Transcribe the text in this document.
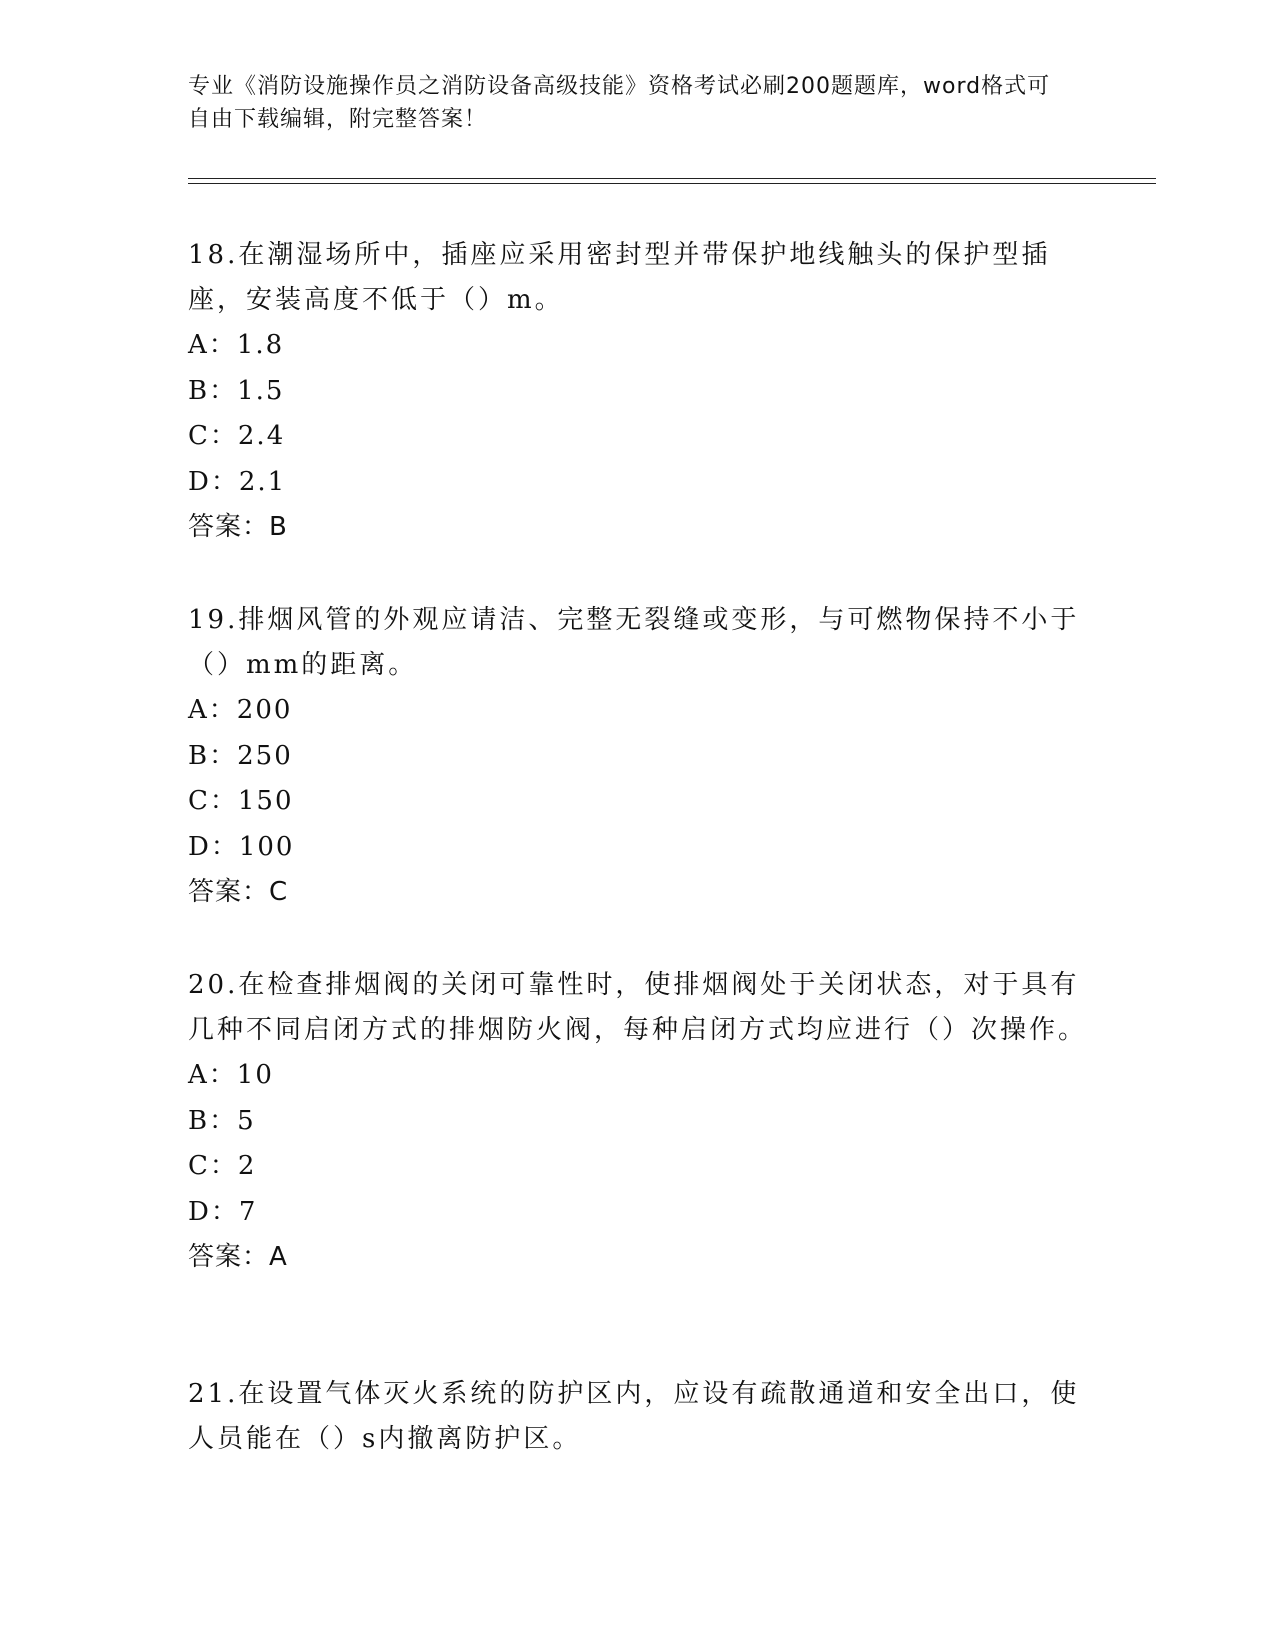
专业《消防设施操作员之消防设备高级技能》资格考试必刷200题题库，word格式可自由下载编辑，附完整答案！

18.在潮湿场所中，插座应采用密封型并带保护地线触头的保护型插座，安装高度不低于（）m。

A：1.8

B：1.5

C：2.4

D：2.1

答案：B

19.排烟风管的外观应请洁、完整无裂缝或变形，与可燃物保持不小于（）mm的距离。

A：200

B：250

C：150

D：100

答案：C

20.在检查排烟阀的关闭可靠性时，使排烟阀处于关闭状态，对于具有几种不同启闭方式的排烟防火阀，每种启闭方式均应进行（）次操作。

A：10

B：5

C：2

D：7

答案：A

21.在设置气体灭火系统的防护区内，应设有疏散通道和安全出口，使人员能在（）s内撤离防护区。
